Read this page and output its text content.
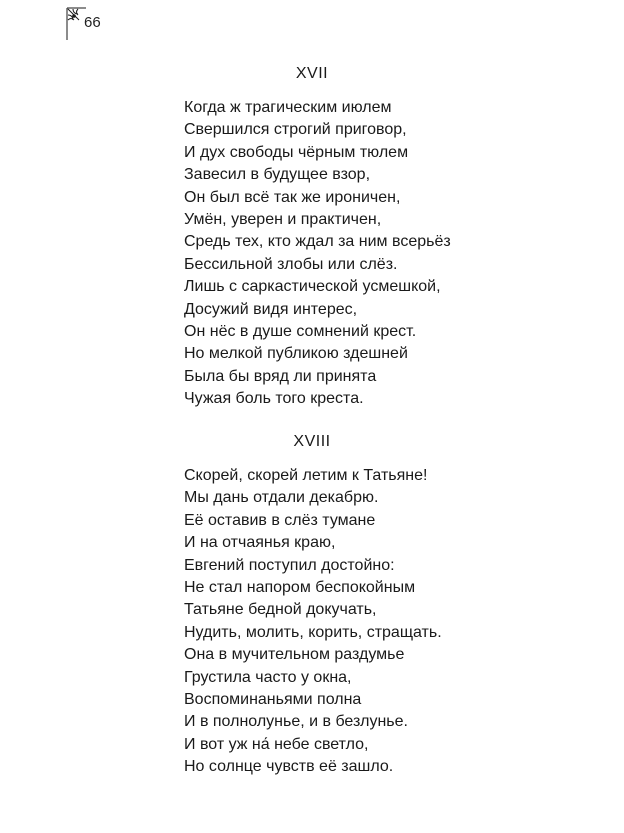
66
XVII
Когда ж трагическим июлем
Свершился строгий приговор,
И дух свободы чёрным тюлем
Завесил в будущее взор,
Он был всё так же ироничен,
Умён, уверен и практичен,
Средь тех, кто ждал за ним всерьёз
Бессильной злобы или слёз.
Лишь с саркастической усмешкой,
Досужий видя интерес,
Он нёс в душе сомнений крест.
Но мелкой публикою здешней
Была бы вряд ли принята
Чужая боль того креста.
XVIII
Скорей, скорей летим к Татьяне!
Мы дань отдали декабрю.
Её оставив в слёз тумане
И на отчаянья краю,
Евгений поступил достойно:
Не стал напором беспокойным
Татьяне бедной докучать,
Нудить, молить, корить, стращать.
Она в мучительном раздумье
Грустила часто у окна,
Воспоминаньями полна
И в полнолунье, и в безлунье.
И вот уж на́ небе светло,
Но солнце чувств её зашло.
